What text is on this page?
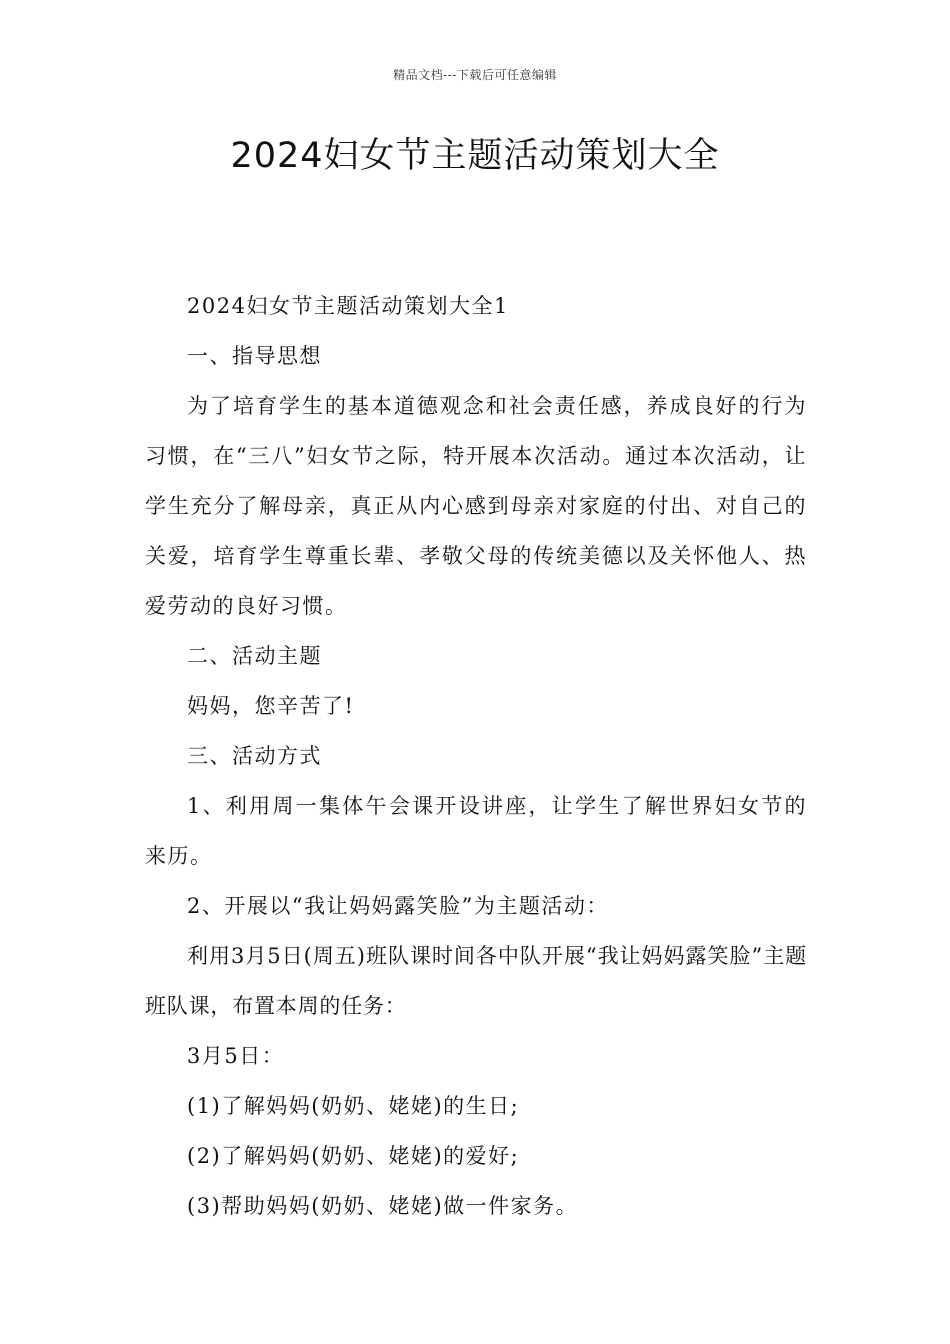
精品文档---下载后可任意编辑
2024妇女节主题活动策划大全

2024妇女节主题活动策划大全1

一、指导思想

为了培育学生的基本道德观念和社会责任感，养成良好的行为习惯，在“三八”妇女节之际，特开展本次活动。通过本次活动，让学生充分了解母亲，真正从内心感到母亲对家庭的付出、对自己的关爱，培育学生尊重长辈、孝敬父母的传统美德以及关怀他人、热爱劳动的良好习惯。

二、活动主题

妈妈，您辛苦了!

三、活动方式

1、利用周一集体午会课开设讲座，让学生了解世界妇女节的来历。

2、开展以“我让妈妈露笑脸”为主题活动：

利用3月5日(周五)班队课时间各中队开展“我让妈妈露笑脸”主题班队课，布置本周的任务：

3月5日：

(1)了解妈妈(奶奶、姥姥)的生日;

(2)了解妈妈(奶奶、姥姥)的爱好;

(3)帮助妈妈(奶奶、姥姥)做一件家务。
